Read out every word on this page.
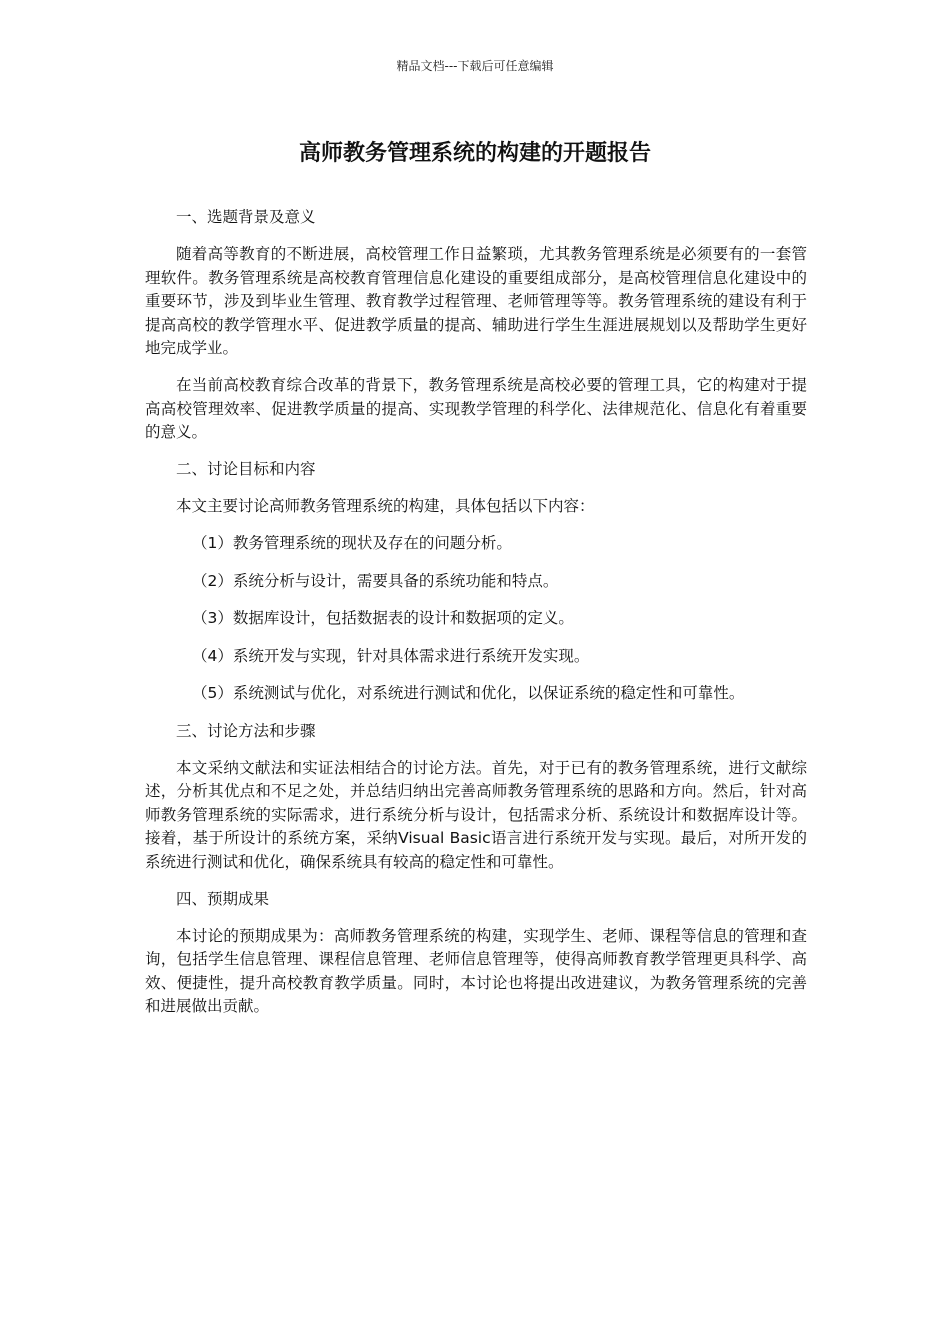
精品文档---下载后可任意编辑
高师教务管理系统的构建的开题报告

一、选题背景及意义

随着高等教育的不断进展，高校管理工作日益繁琐，尤其教务管理系统是必须要有的一套管理软件。教务管理系统是高校教育管理信息化建设的重要组成部分，是高校管理信息化建设中的重要环节，涉及到毕业生管理、教育教学过程管理、老师管理等等。教务管理系统的建设有利于提高高校的教学管理水平、促进教学质量的提高、辅助进行学生生涯进展规划以及帮助学生更好地完成学业。

在当前高校教育综合改革的背景下，教务管理系统是高校必要的管理工具，它的构建对于提高高校管理效率、促进教学质量的提高、实现教学管理的科学化、法律规范化、信息化有着重要的意义。

二、讨论目标和内容

本文主要讨论高师教务管理系统的构建，具体包括以下内容：

（1）教务管理系统的现状及存在的问题分析。

（2）系统分析与设计，需要具备的系统功能和特点。

（3）数据库设计，包括数据表的设计和数据项的定义。

（4）系统开发与实现，针对具体需求进行系统开发实现。

（5）系统测试与优化，对系统进行测试和优化，以保证系统的稳定性和可靠性。

三、讨论方法和步骤

本文采纳文献法和实证法相结合的讨论方法。首先，对于已有的教务管理系统，进行文献综述，分析其优点和不足之处，并总结归纳出完善高师教务管理系统的思路和方向。然后，针对高师教务管理系统的实际需求，进行系统分析与设计，包括需求分析、系统设计和数据库设计等。接着，基于所设计的系统方案，采纳Visual Basic语言进行系统开发与实现。最后，对所开发的系统进行测试和优化，确保系统具有较高的稳定性和可靠性。

四、预期成果

本讨论的预期成果为：高师教务管理系统的构建，实现学生、老师、课程等信息的管理和查询，包括学生信息管理、课程信息管理、老师信息管理等，使得高师教育教学管理更具科学、高效、便捷性，提升高校教育教学质量。同时，本讨论也将提出改进建议，为教务管理系统的完善和进展做出贡献。
